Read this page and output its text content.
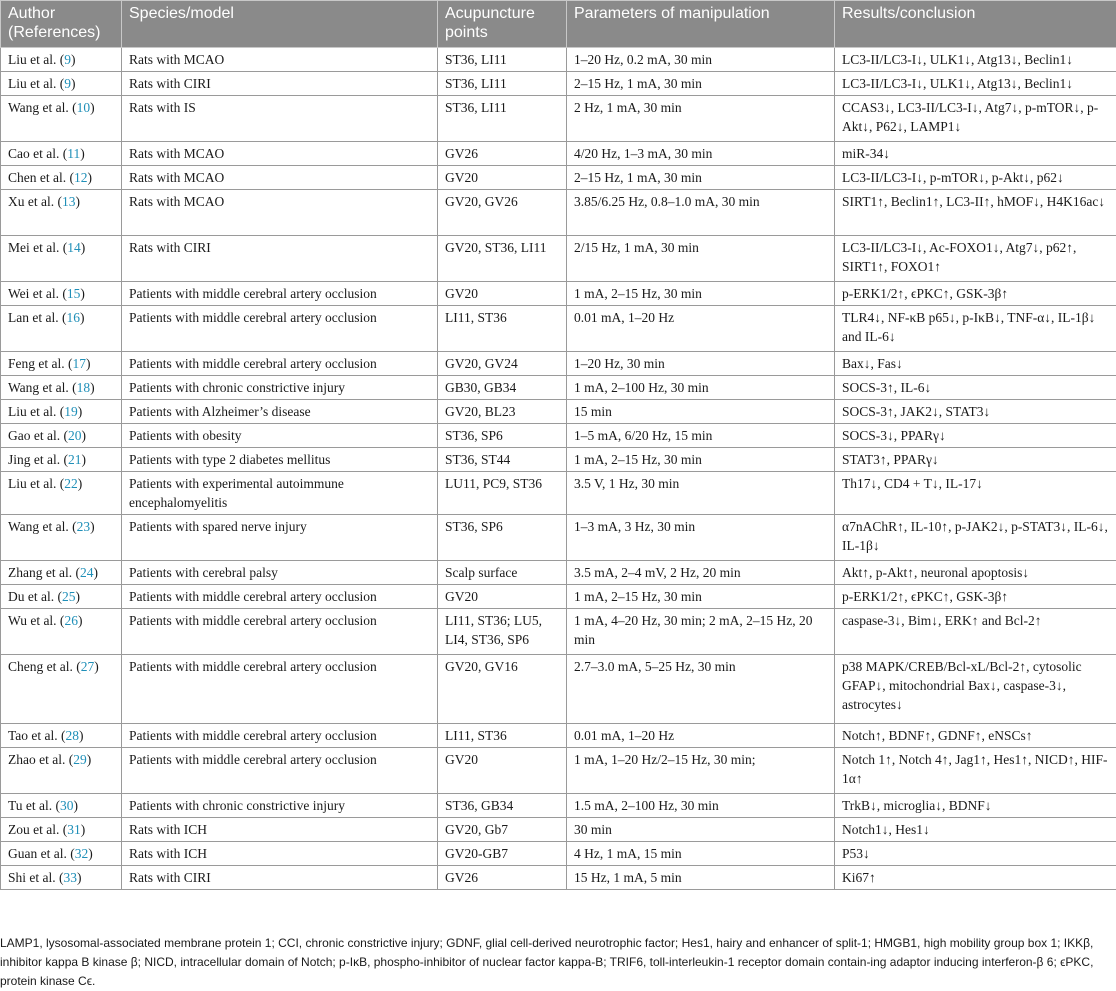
Author (References)	Species/model	Acupuncture points	Parameters of manipulation	Results/conclusion
Liu et al. (9)	Rats with MCAO	ST36, LI11	1–20 Hz, 0.2 mA, 30 min	LC3-II/LC3-I↓, ULK1↓, Atg13↓, Beclin1↓
Liu et al. (9)	Rats with CIRI	ST36, LI11	2–15 Hz, 1 mA, 30 min	LC3-II/LC3-I↓, ULK1↓, Atg13↓, Beclin1↓
Wang et al. (10)	Rats with IS	ST36, LI11	2 Hz, 1 mA, 30 min	CCAS3↓, LC3-II/LC3-I↓, Atg7↓, p-mTOR↓, p-Akt↓, P62↓, LAMP1↓
Cao et al. (11)	Rats with MCAO	GV26	4/20 Hz, 1–3 mA, 30 min	miR-34↓
Chen et al. (12)	Rats with MCAO	GV20	2–15 Hz, 1 mA, 30 min	LC3-II/LC3-I↓, p-mTOR↓, p-Akt↓, p62↓
Xu et al. (13)	Rats with MCAO	GV20, GV26	3.85/6.25 Hz, 0.8–1.0 mA, 30 min	SIRT1↑, Beclin1↑, LC3-II↑, hMOF↓, H4K16ac↓
Mei et al. (14)	Rats with CIRI	GV20, ST36, LI11	2/15 Hz, 1 mA, 30 min	LC3-II/LC3-I↓, Ac-FOXO1↓, Atg7↓, p62↑, SIRT1↑, FOXO1↑
Wei et al. (15)	Patients with middle cerebral artery occlusion	GV20	1 mA, 2–15 Hz, 30 min	p-ERK1/2↑, ϵPKC↑, GSK-3β↑
Lan et al. (16)	Patients with middle cerebral artery occlusion	LI11, ST36	0.01 mA, 1–20 Hz	TLR4↓, NF-κB p65↓, p-IκB↓, TNF-α↓, IL-1β↓ and IL-6↓
Feng et al. (17)	Patients with middle cerebral artery occlusion	GV20, GV24	1–20 Hz, 30 min	Bax↓, Fas↓
Wang et al. (18)	Patients with chronic constrictive injury	GB30, GB34	1 mA, 2–100 Hz, 30 min	SOCS-3↑, IL-6↓
Liu et al. (19)	Patients with Alzheimer’s disease	GV20, BL23	15 min	SOCS-3↑, JAK2↓, STAT3↓
Gao et al. (20)	Patients with obesity	ST36, SP6	1–5 mA, 6/20 Hz, 15 min	SOCS-3↓, PPARγ↓
Jing et al. (21)	Patients with type 2 diabetes mellitus	ST36, ST44	1 mA, 2–15 Hz, 30 min	STAT3↑, PPARγ↓
Liu et al. (22)	Patients with experimental autoimmune encephalomyelitis	LU11, PC9, ST36	3.5 V, 1 Hz, 30 min	Th17↓, CD4 + T↓, IL-17↓
Wang et al. (23)	Patients with spared nerve injury	ST36, SP6	1–3 mA, 3 Hz, 30 min	α7nAChR↑, IL-10↑, p-JAK2↓, p-STAT3↓, IL-6↓, IL-1β↓
Zhang et al. (24)	Patients with cerebral palsy	Scalp surface	3.5 mA, 2–4 mV, 2 Hz, 20 min	Akt↑, p-Akt↑, neuronal apoptosis↓
Du et al. (25)	Patients with middle cerebral artery occlusion	GV20	1 mA, 2–15 Hz, 30 min	p-ERK1/2↑, ϵPKC↑, GSK-3β↑
Wu et al. (26)	Patients with middle cerebral artery occlusion	LI11, ST36; LU5, LI4, ST36, SP6	1 mA, 4–20 Hz, 30 min; 2 mA, 2–15 Hz, 20 min	caspase-3↓, Bim↓, ERK↑ and Bcl-2↑
Cheng et al. (27)	Patients with middle cerebral artery occlusion	GV20, GV16	2.7–3.0 mA, 5–25 Hz, 30 min	p38 MAPK/CREB/Bcl-xL/Bcl-2↑, cytosolic GFAP↓, mitochondrial Bax↓, caspase-3↓, astrocytes↓
Tao et al. (28)	Patients with middle cerebral artery occlusion	LI11, ST36	0.01 mA, 1–20 Hz	Notch↑, BDNF↑, GDNF↑, eNSCs↑
Zhao et al. (29)	Patients with middle cerebral artery occlusion	GV20	1 mA, 1–20 Hz/2–15 Hz, 30 min;	Notch 1↑, Notch 4↑, Jag1↑, Hes1↑, NICD↑, HIF-1α↑
Tu et al. (30)	Patients with chronic constrictive injury	ST36, GB34	1.5 mA, 2–100 Hz, 30 min	TrkB↓, microglia↓, BDNF↓
Zou et al. (31)	Rats with ICH	GV20, Gb7	30 min	Notch1↓, Hes1↓
Guan et al. (32)	Rats with ICH	GV20-GB7	4 Hz, 1 mA, 15 min	P53↓
Shi et al. (33)	Rats with CIRI	GV26	15 Hz, 1 mA, 5 min	Ki67↑
LAMP1, lysosomal-associated membrane protein 1; CCI, chronic constrictive injury; GDNF, glial cell-derived neurotrophic factor; Hes1, hairy and enhancer of split-1; HMGB1, high mobility group box 1; IKKβ, inhibitor kappa B kinase β; NICD, intracellular domain of Notch; p-IκB, phospho-inhibitor of nuclear factor kappa-B; TRIF6, toll-interleukin-1 receptor domain contain-ing adaptor inducing interferon-β 6; ϵPKC, protein kinase Cϵ.
